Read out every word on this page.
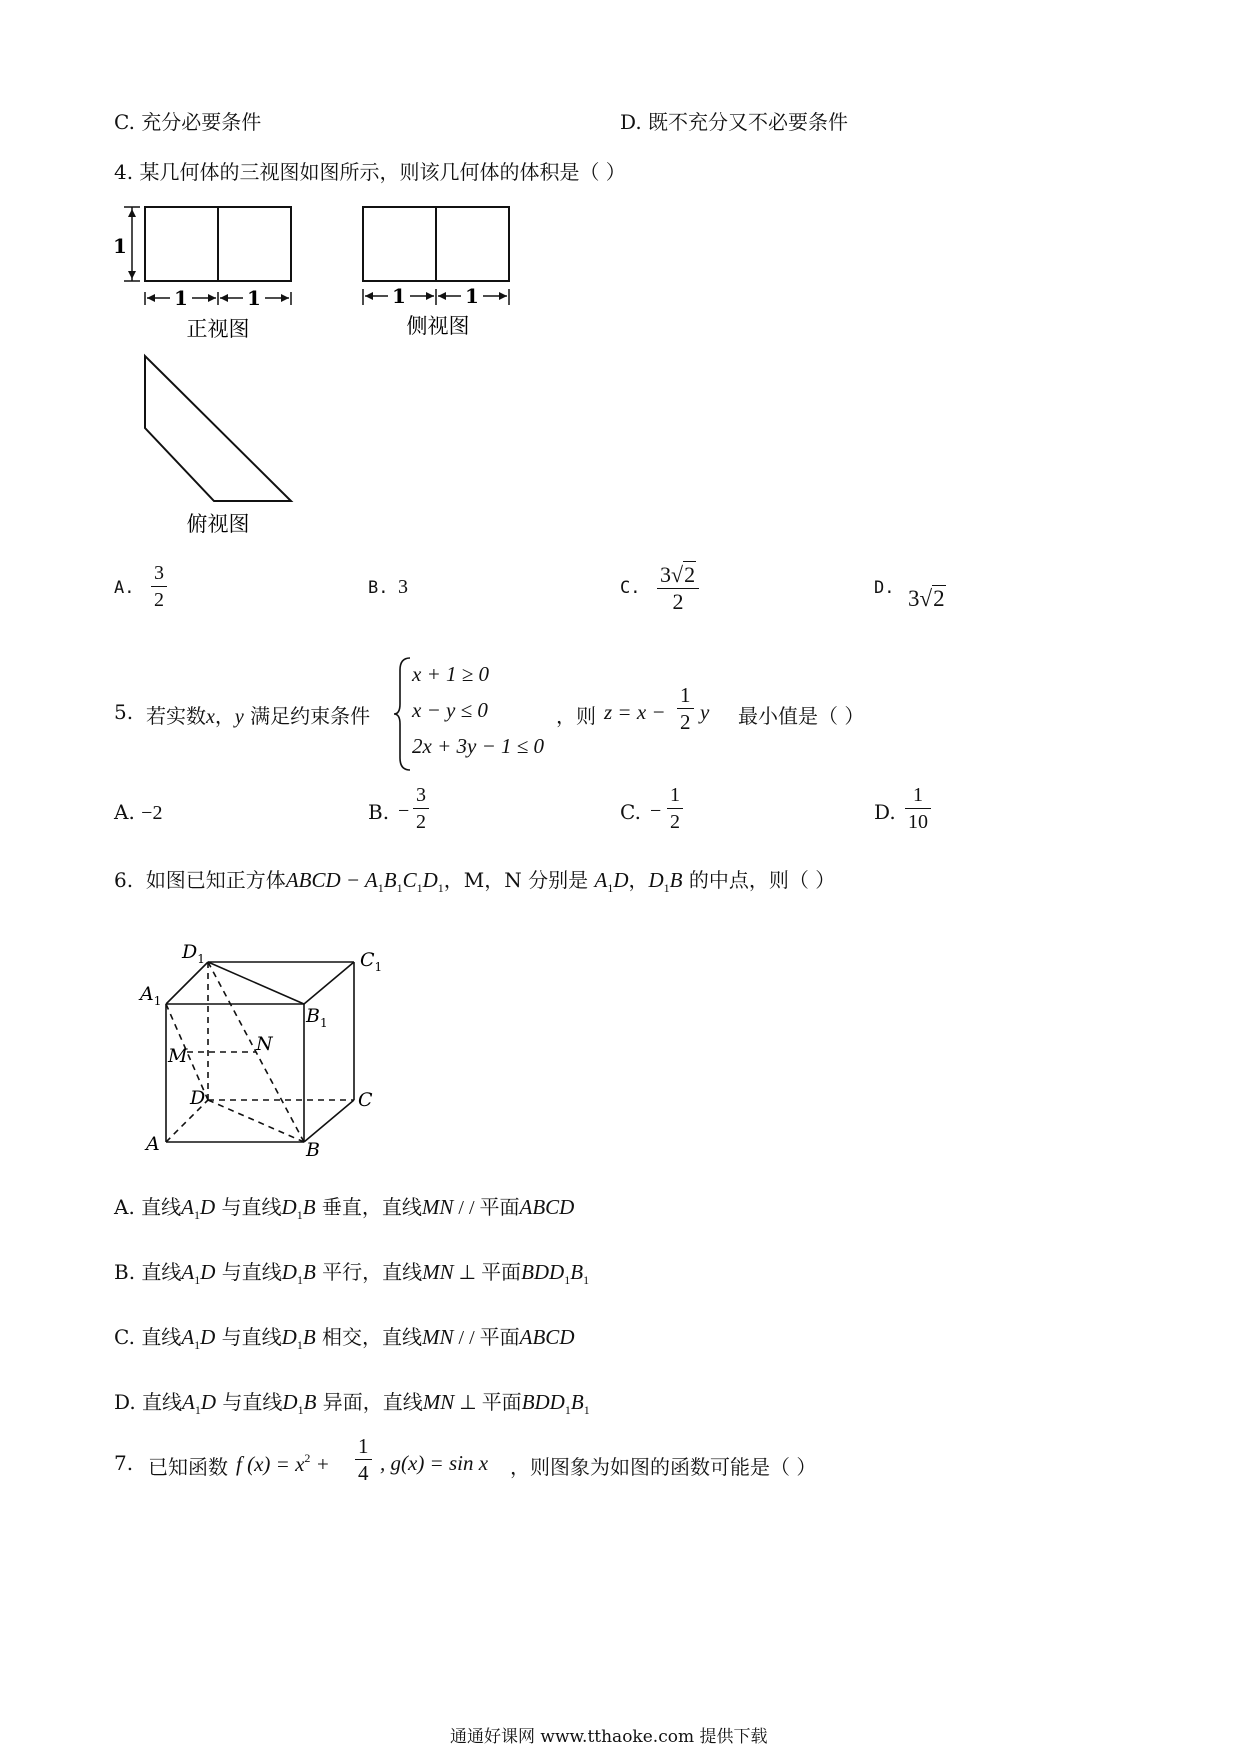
C. 充分必要条件	D. 既不充分又不必要条件
4. 某几何体的三视图如图所示，则该几何体的体积是（ ）
1
1	1
正视图
1	1
侧视图
俯视图
A. $\frac{3}{2}$	B. 3	C. $\frac{3√2}{2}$	D. 3√2
5. 若实数x，y 满足约束条件
x + 1 ≥ 0
x − y ≤ 0
2x + 3y − 1 ≤ 0
，则 $z = x - \frac{1}{2}$ y 最小值是（ ）
A. −2	B. − $\frac{3}{2}$	C. − $\frac{1}{2}$	D. $\frac{1}{10}$
6. 如图已知正方体ABCD − $A_1B_1C_1D_1$，M，N 分别是 $A_1D$，$D_1B$ 的中点，则（ ）
$D_1$	$C_1$
$A_1$
$B_1$
N
M
D	C
A	B
A. 直线$A_1D$ 与直线$D_1B$ 垂直，直线MN / / 平面ABCD
B. 直线$A_1D$ 与直线$D_1B$ 平行，直线MN ⊥ 平面$BDD_1B_1$
C. 直线$A_1D$ 与直线$D_1B$ 相交，直线MN / / 平面ABCD
D. 直线$A_1D$ 与直线$D_1B$ 异面，直线MN ⊥ 平面$BDD_1B_1$
7. 已知函数 f $(x) = x^2 + \frac{1}{4}$ , g(x) = sin x ，则图象为如图的函数可能是（ ）
通通好课网 www.tthaoke.com 提供下载
